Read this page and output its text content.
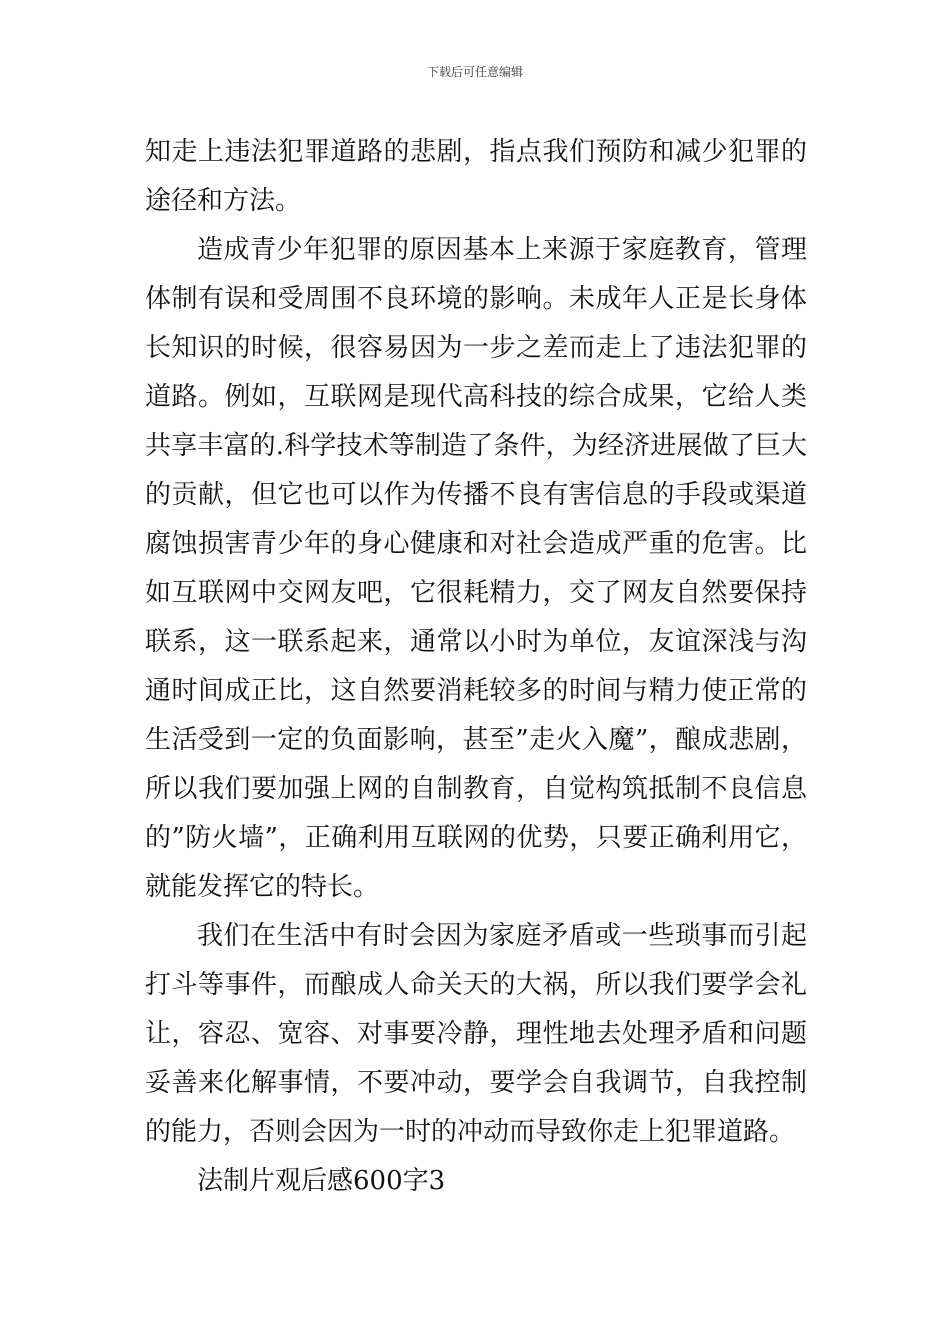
下载后可任意编辑
知走上违法犯罪道路的悲剧，指点我们预防和减少犯罪的
途径和方法。
造成青少年犯罪的原因基本上来源于家庭教育，管理
体制有误和受周围不良环境的影响。未成年人正是长身体
长知识的时候，很容易因为一步之差而走上了违法犯罪的
道路。例如，互联网是现代高科技的综合成果，它给人类
共享丰富的.科学技术等制造了条件，为经济进展做了巨大
的贡献，但它也可以作为传播不良有害信息的手段或渠道
腐蚀损害青少年的身心健康和对社会造成严重的危害。比
如互联网中交网友吧，它很耗精力，交了网友自然要保持
联系，这一联系起来，通常以小时为单位，友谊深浅与沟
通时间成正比，这自然要消耗较多的时间与精力使正常的
生活受到一定的负面影响，甚至”走火入魔”，酿成悲剧，
所以我们要加强上网的自制教育，自觉构筑抵制不良信息
的”防火墙”，正确利用互联网的优势，只要正确利用它，
就能发挥它的特长。
我们在生活中有时会因为家庭矛盾或一些琐事而引起
打斗等事件，而酿成人命关天的大祸，所以我们要学会礼
让，容忍、宽容、对事要冷静，理性地去处理矛盾和问题
妥善来化解事情，不要冲动，要学会自我调节，自我控制
的能力，否则会因为一时的冲动而导致你走上犯罪道路。
法制片观后感600字3
